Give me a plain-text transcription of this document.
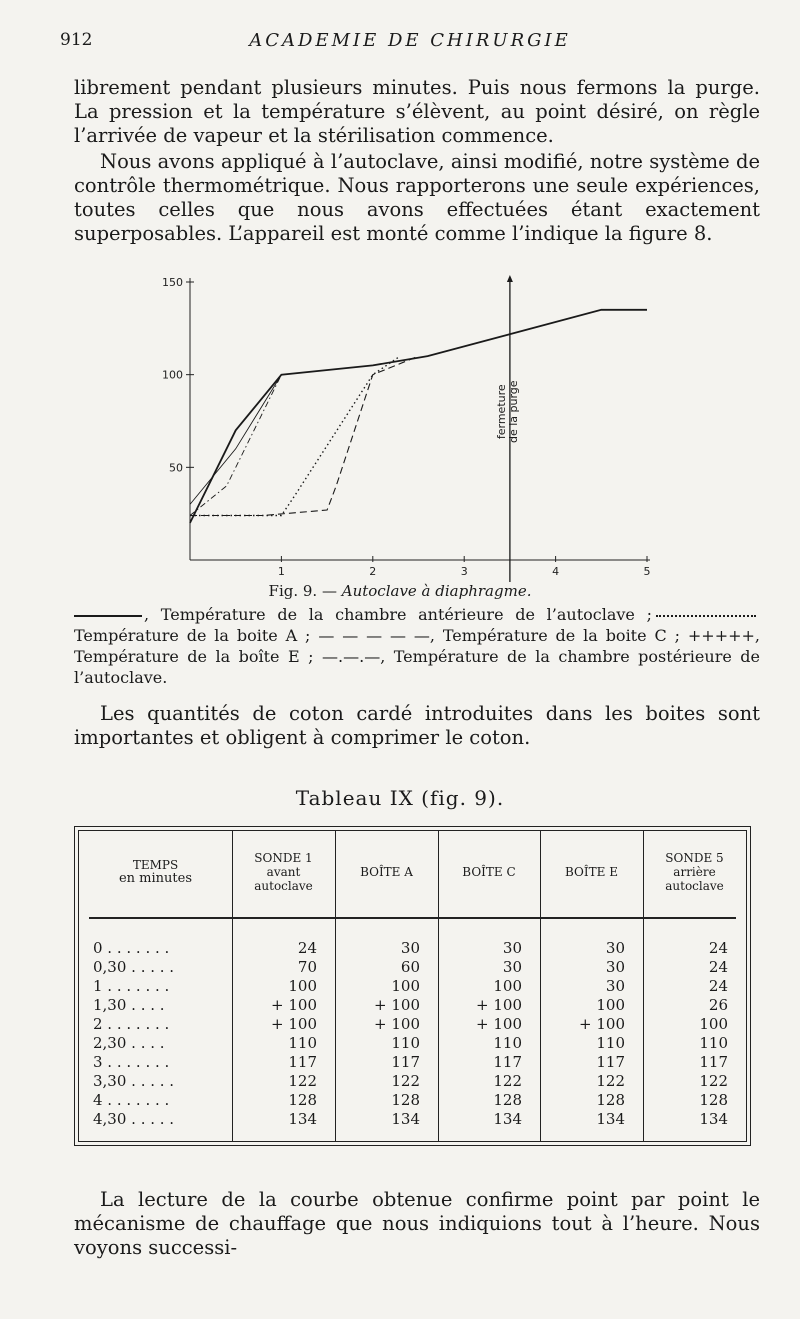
912	ACADEMIE DE CHIRURGIE

librement pendant plusieurs minutes. Puis nous fermons la purge. La pression et la température s’élèvent, au point désiré, on règle l’arrivée de vapeur et la stérilisation commence.

Nous avons appliqué à l’autoclave, ainsi modifié, notre système de contrôle thermométrique. Nous rapporterons une seule expériences, toutes celles que nous avons effectuées étant exactement superposables. L’appareil est monté comme l’indique la figure 8.

50
100
150
1	2	3	4	5
fermeture de la purge
Fig. 9. — Autoclave à diaphragme.

, Température de la chambre antérieure de l’autoclave ;Température de la boite A ; — — — — —, Température de la boite C ; +++++, Température de la boîte E ; —.—.—, Température de la chambre postérieure de l’autoclave.

Les quantités de coton cardé introduites dans les boites sont importantes et obligent à comprimer le coton.

Tableau IX (fig. 9).
TEMPS
en minutes
SONDE 1
avant
autoclave
BOÎTE A	BOÎTE C	BOÎTE E
SONDE 5
arrière
autoclave
0 . . . . . . .	24	30	30	30	24
0,30 . . . . .	70	60	30	30	24
1 . . . . . . .	100	100	100	30	24
1,30 . . . .	+ 100	+ 100	+ 100	100	26
2 . . . . . . .	+ 100	+ 100	+ 100	+ 100	100
2,30 . . . .	110	110	110	110	110
3 . . . . . . .	117	117	117	117	117
3,30 . . . . .	122	122	122	122	122
4 . . . . . . .	128	128	128	128	128
4,30 . . . . .	134	134	134	134	134

La lecture de la courbe obtenue confirme point par point le mécanisme de chauffage que nous indiquions tout à l’heure. Nous voyons successi-
